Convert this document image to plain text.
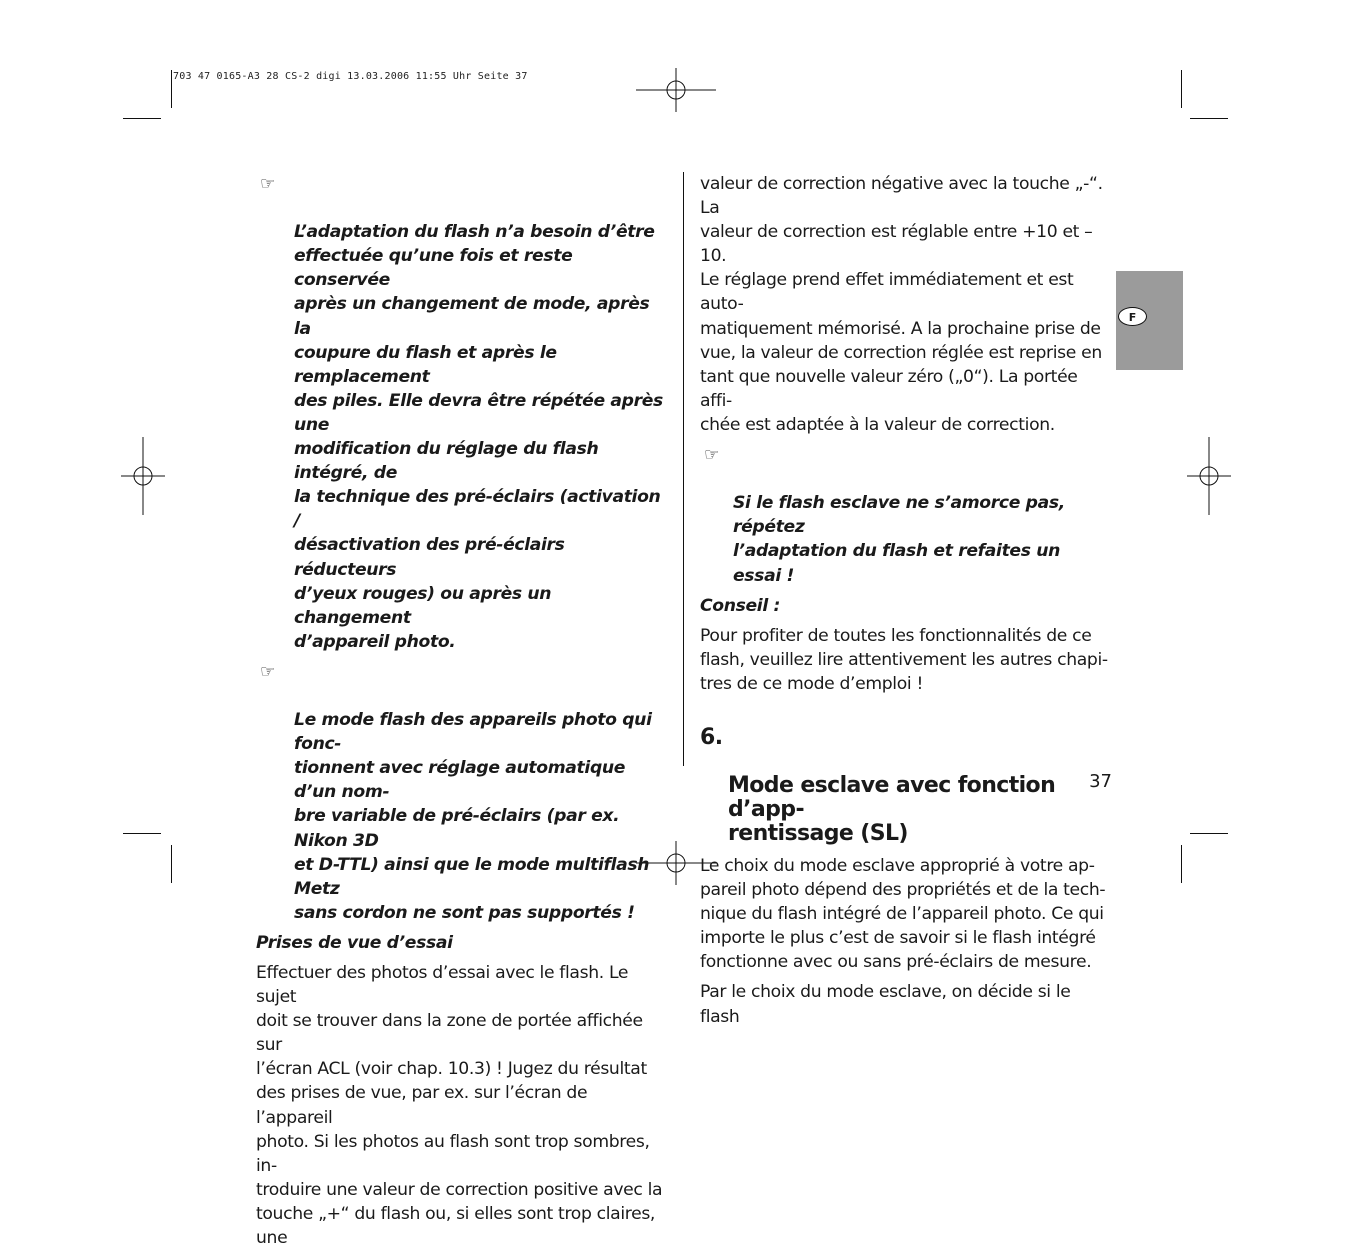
703 47 0165-A3 28 CS-2 digi 13.03.2006 11:55 Uhr Seite 37
F

☞

L’adaptation du flash n’a besoin d’être
effectuée qu’une fois et reste conservée
après un changement de mode, après la
coupure du flash et après le remplacement
des piles. Elle devra être répétée après une
modification du réglage du flash intégré, de
la technique des pré-éclairs (activation /
désactivation des pré-éclairs réducteurs
d’yeux rouges) ou après un changement
d’appareil photo.

☞

Le mode flash des appareils photo qui fonc-
tionnent avec réglage automatique d’un nom-
bre variable de pré-éclairs (par ex. Nikon 3D
et D-TTL) ainsi que le mode multiflash Metz
sans cordon ne sont pas supportés !

Prises de vue d’essai

Effectuer des photos d’essai avec le flash. Le sujet
doit se trouver dans la zone de portée affichée sur
l’écran ACL (voir chap. 10.3) ! Jugez du résultat
des prises de vue, par ex. sur l’écran de l’appareil
photo. Si les photos au flash sont trop sombres, in-
troduire une valeur de correction positive avec la
touche „+“ du flash ou, si elles sont trop claires, une

valeur de correction négative avec la touche „-“. La
valeur de correction est réglable entre +10 et –10.
Le réglage prend effet immédiatement et est auto-
matiquement mémorisé. A la prochaine prise de
vue, la valeur de correction réglée est reprise en
tant que nouvelle valeur zéro („0“). La portée affi-
chée est adaptée à la valeur de correction.

☞

Si le flash esclave ne s’amorce pas, répétez
l’adaptation du flash et refaites un essai !

Conseil :

Pour profiter de toutes les fonctionnalités de ce
flash, veuillez lire attentivement les autres chapi-
tres de ce mode d’emploi !

6.

Mode esclave avec fonction d’app-
rentissage (SL)

Le choix du mode esclave approprié à votre ap-
pareil photo dépend des propriétés et de la tech-
nique du flash intégré de l’appareil photo. Ce qui
importe le plus c’est de savoir si le flash intégré
fonctionne avec ou sans pré-éclairs de mesure.

Par le choix du mode esclave, on décide si le flash

37
